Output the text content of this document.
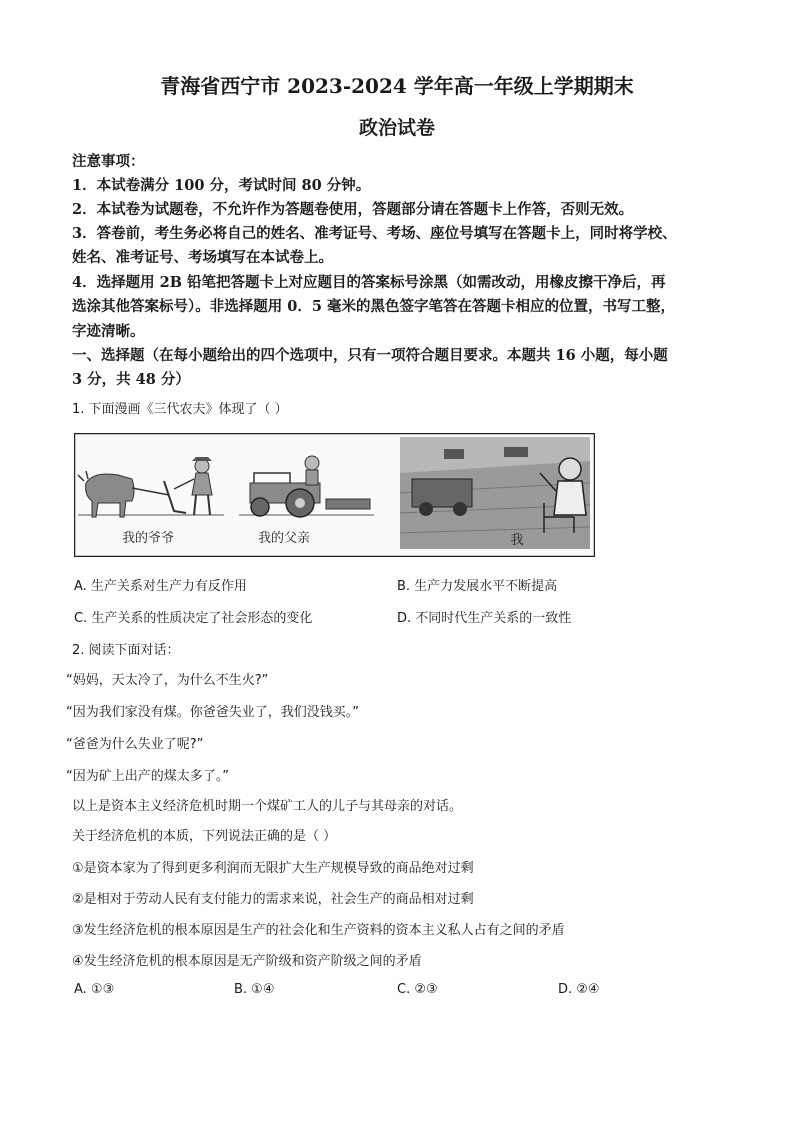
青海省西宁市 2023-2024 学年高一年级上学期期末
政治试卷
注意事项：
1．本试卷满分 100 分，考试时间 80 分钟。
2．本试卷为试题卷，不允许作为答题卷使用，答题部分请在答题卡上作答，否则无效。
3．答卷前，考生务必将自己的姓名、准考证号、考场、座位号填写在答题卡上，同时将学校、
姓名、准考证号、考场填写在本试卷上。
4．选择题用 2B 铅笔把答题卡上对应题目的答案标号涂黑（如需改动，用橡皮擦干净后，再
选涂其他答案标号）。非选择题用 0．5 毫米的黑色签字笔答在答题卡相应的位置，书写工整，
字迹清晰。
一、选择题（在每小题给出的四个选项中，只有一项符合题目要求。本题共 16 小题，每小题
3 分，共 48 分）
1. 下面漫画《三代农夫》体现了（ ）
我的爷爷	我的父亲	我
A. 生产关系对生产力有反作用	B. 生产力发展水平不断提高
C. 生产关系的性质决定了社会形态的变化	D. 不同时代生产关系的一致性
2. 阅读下面对话：
“妈妈，天太冷了，为什么不生火?”
“因为我们家没有煤。你爸爸失业了，我们没钱买。”
“爸爸为什么失业了呢?”
“因为矿上出产的煤太多了。”
以上是资本主义经济危机时期一个煤矿工人的儿子与其母亲的对话。
关于经济危机的本质，下列说法正确的是（ ）
①是资本家为了得到更多利润而无限扩大生产规模导致的商品绝对过剩
②是相对于劳动人民有支付能力的需求来说，社会生产的商品相对过剩
③发生经济危机的根本原因是生产的社会化和生产资料的资本主义私人占有之间的矛盾
④发生经济危机的根本原因是无产阶级和资产阶级之间的矛盾
A. ①③	B. ①④	C. ②③	D. ②④
